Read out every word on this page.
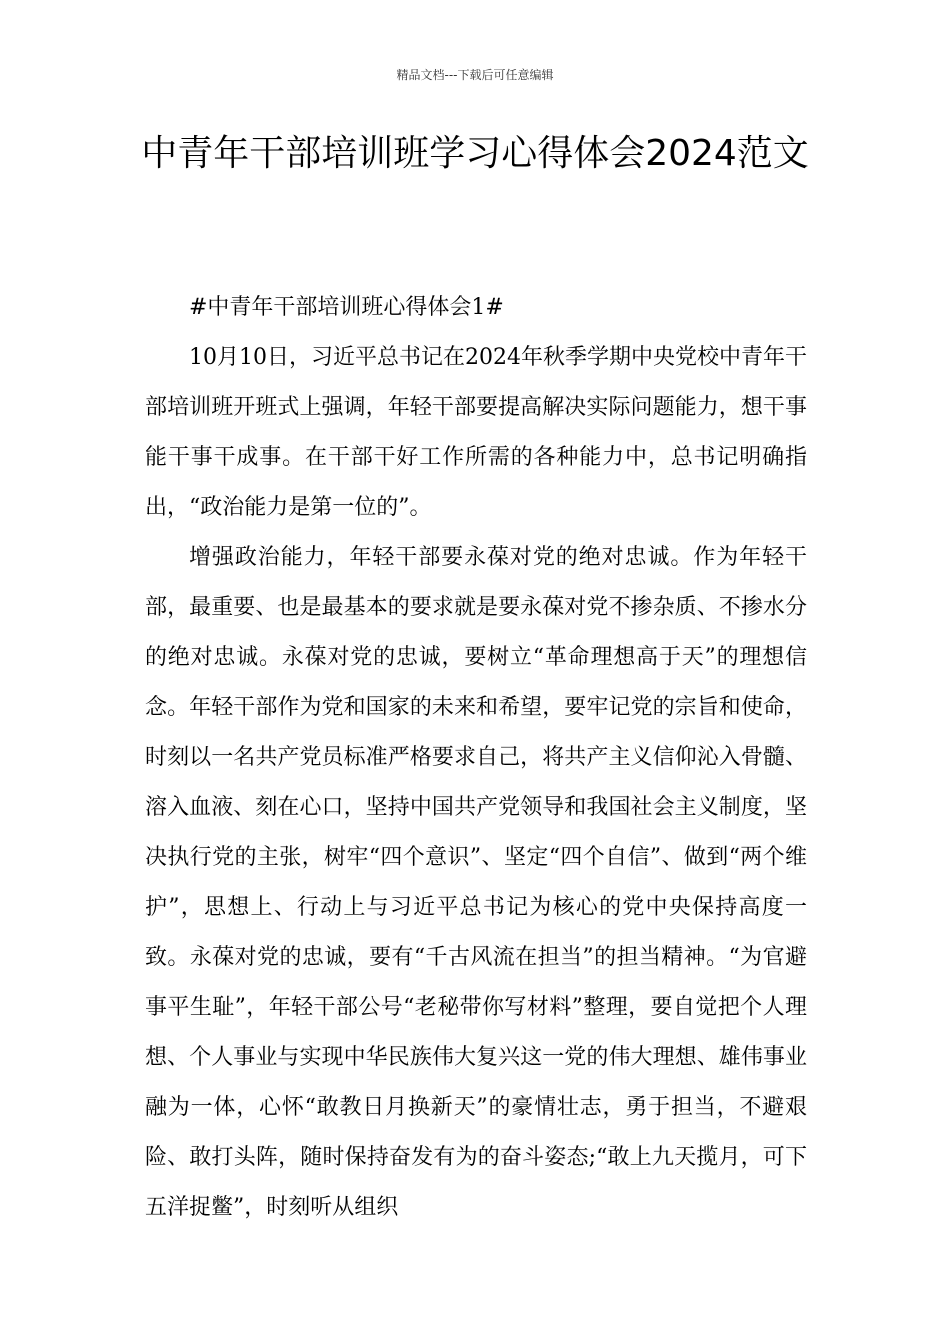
精品文档---下载后可任意编辑
中青年干部培训班学习心得体会2024范文

#中青年干部培训班心得体会1#

10月10日，习近平总书记在2024年秋季学期中央党校中青年干部培训班开班式上强调，年轻干部要提高解决实际问题能力，想干事能干事干成事。在干部干好工作所需的各种能力中，总书记明确指出，“政治能力是第一位的”。

增强政治能力，年轻干部要永葆对党的绝对忠诚。作为年轻干部，最重要、也是最基本的要求就是要永葆对党不掺杂质、不掺水分的绝对忠诚。永葆对党的忠诚，要树立“革命理想高于天”的理想信念。年轻干部作为党和国家的未来和希望，要牢记党的宗旨和使命，时刻以一名共产党员标准严格要求自己，将共产主义信仰沁入骨髓、溶入血液、刻在心口，坚持中国共产党领导和我国社会主义制度，坚决执行党的主张，树牢“四个意识”、坚定“四个自信”、做到“两个维护”，思想上、行动上与习近平总书记为核心的党中央保持高度一致。永葆对党的忠诚，要有“千古风流在担当”的担当精神。“为官避事平生耻”，年轻干部公号“老秘带你写材料”整理，要自觉把个人理想、个人事业与实现中华民族伟大复兴这一党的伟大理想、雄伟事业融为一体，心怀“敢教日月换新天”的豪情壮志，勇于担当，不避艰险、敢打头阵，随时保持奋发有为的奋斗姿态;“敢上九天揽月，可下五洋捉鳖”，时刻听从组织
